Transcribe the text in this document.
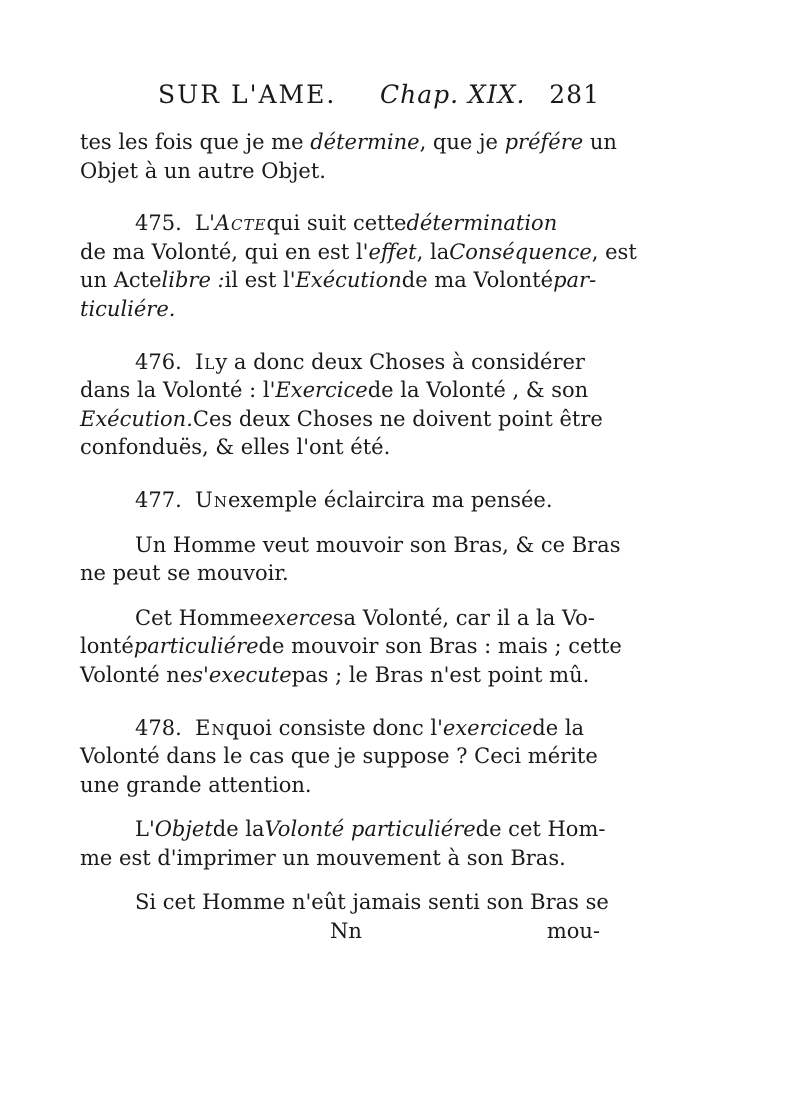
SUR L'AME. Chap. XIX. 281
tes les fois que je me détermine, que je préfére un
Objet à un autre Objet.
475.
L' Acte qui suit cette détermination
de ma Volonté, qui en est l' effet , la Conséquence , est
un Acte libre : il est l' Exécution de ma Volonté par-
ticuliére.
476.
Il y a donc deux Choses à considérer
dans la Volonté : l' Exercice de la Volonté , & son
Exécution. Ces deux Choses ne doivent point être
confonduës, & elles l'ont été.
477.
Un exemple éclaircira ma pensée.
Un Homme veut mouvoir son Bras, & ce Bras
ne peut se mouvoir.
Cet Homme exerce sa Volonté, car il a la Vo-
lonté particuliére de mouvoir son Bras : mais ; cette
Volonté ne s'execute pas ; le Bras n'est point mû.
478.
En quoi consiste donc l' exercice de la
Volonté dans le cas que je suppose ? Ceci mérite
une grande attention.
L' Objet de la Volonté particuliére de cet Hom-
me est d'imprimer un mouvement à son Bras.
Si cet Homme n'eût jamais senti son Bras se
Nn	mou-
